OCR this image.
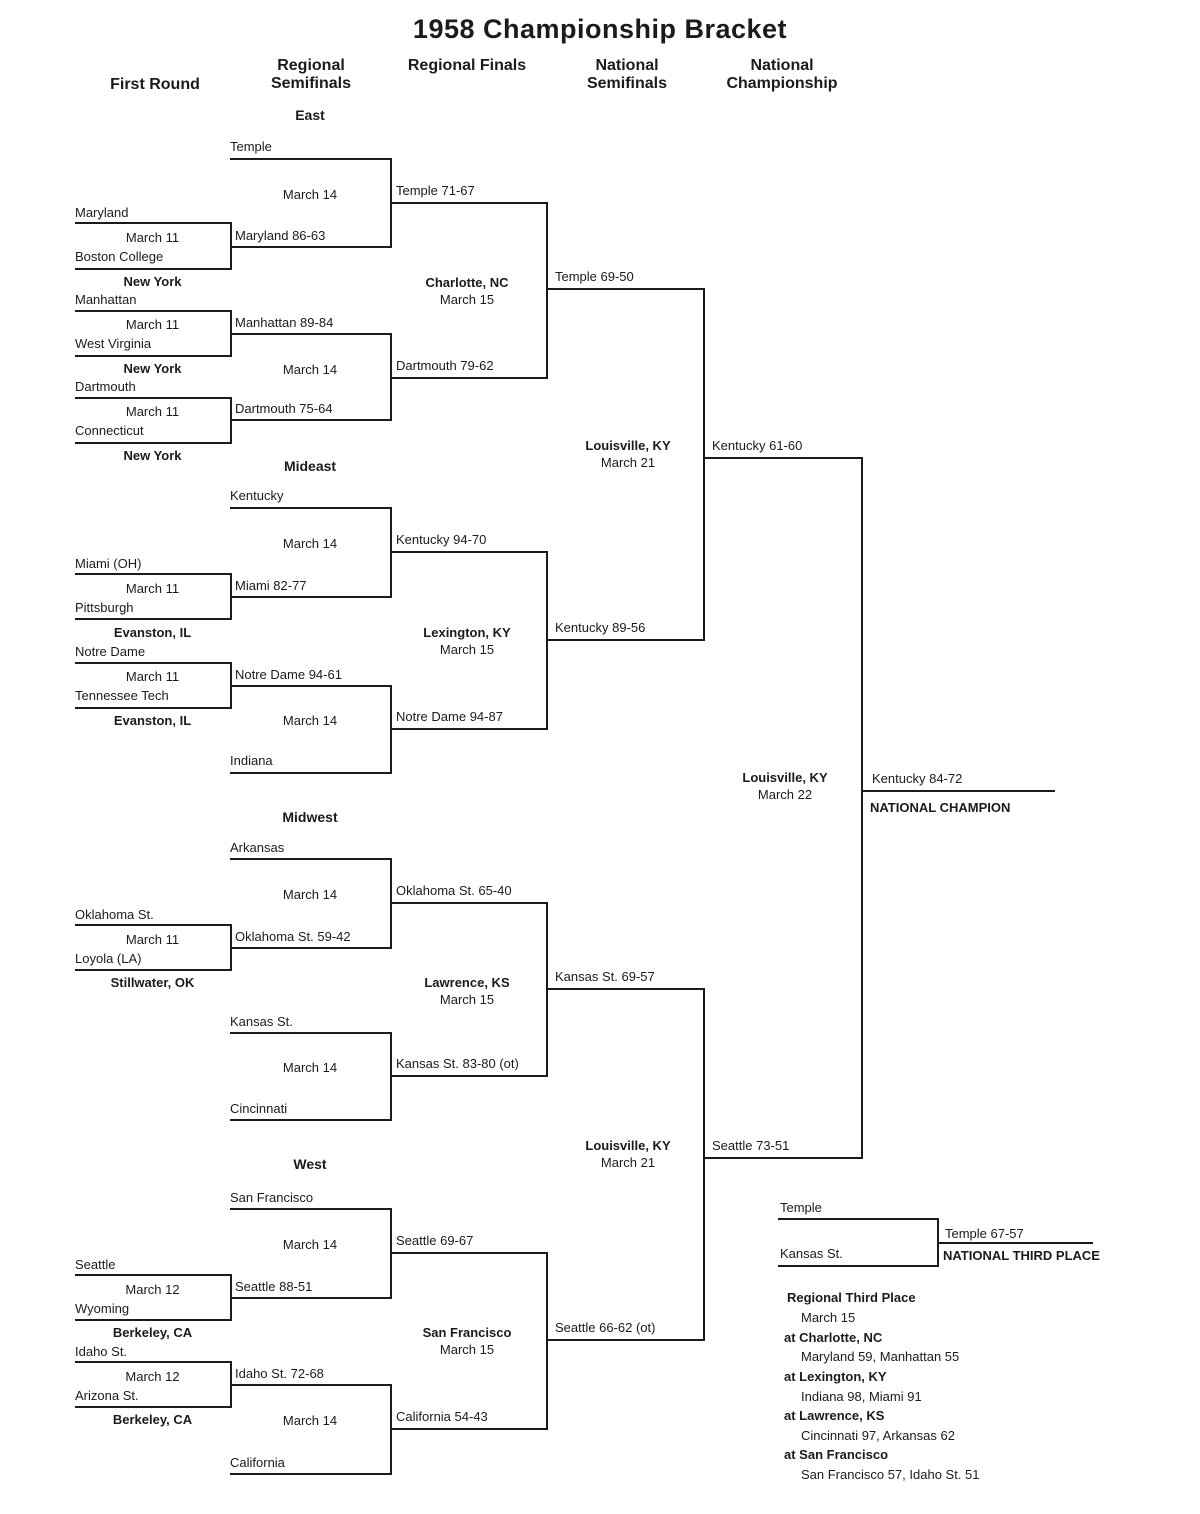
1958 Championship Bracket
First Round
Regional Semifinals
Regional Finals	National Semifinals
National Championship
East
Mideast
Midwest
West
Temple
March 14	Temple 71-67
Maryland
March 11
Boston College
New York
Maryland 86-63
Manhattan
March 11
West Virginia
New York
Manhattan 89-84
Dartmouth
March 11
Connecticut
New York
Dartmouth 75-64
March 14	Dartmouth 79-62
Charlotte, NC
March 15
Temple 69-50
Kentucky
March 14	Kentucky 94-70
Miami (OH)
March 11
Pittsburgh
Evanston, IL
Miami 82-77
Notre Dame
March 11
Tennessee Tech
Evanston, IL
Notre Dame 94-61
Indiana
March 14	Notre Dame 94-87
Lexington, KY
March 15
Kentucky 89-56
Arkansas
March 14	Oklahoma St. 65-40
Oklahoma St.
March 11
Loyola (LA)
Stillwater, OK
Oklahoma St. 59-42
Kansas St.
Cincinnati
March 14	Kansas St. 83-80 (ot)
Lawrence, KS
March 15
Kansas St. 69-57
San Francisco
March 14	Seattle 69-67
Seattle
March 12
Wyoming
Berkeley, CA
Seattle 88-51
Idaho St.
March 12
Arizona St.
Berkeley, CA
Idaho St. 72-68
California
March 14	California 54-43
San Francisco
March 15
Seattle 66-62 (ot)
Louisville, KY
March 21
Kentucky 61-60
Louisville, KY
March 21
Seattle 73-51
Louisville, KY
March 22
Kentucky 84-72
NATIONAL CHAMPION
Temple
Kansas St.
Temple 67-57
NATIONAL THIRD PLACE
Regional Third Place
March 15
at Charlotte, NC
Maryland 59, Manhattan 55
at Lexington, KY
Indiana 98, Miami 91
at Lawrence, KS
Cincinnati 97, Arkansas 62
at San Francisco
San Francisco 57, Idaho St. 51
